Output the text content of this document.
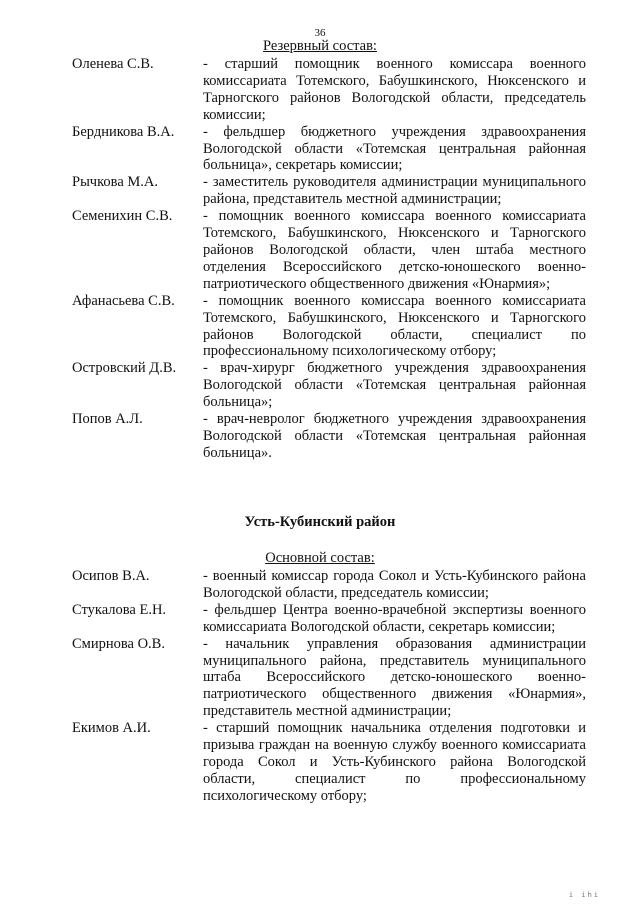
36
Резервный состав:
Оленева С.В.	- старший помощник военного комиссара военного комиссариата Тотемского, Бабушкинского, Нюксенского и Тарногского районов Вологодской области, председатель комиссии;
Бердникова В.А.	- фельдшер бюджетного учреждения здравоохранения Вологодской области «Тотемская центральная районная больница», секретарь комиссии;
Рычкова М.А.	- заместитель руководителя администрации муниципального района, представитель местной администрации;
Семенихин С.В.	- помощник военного комиссара военного комиссариата Тотемского, Бабушкинского, Нюксенского и Тарногского районов Вологодской области, член штаба местного отделения Всероссийского детско-юношеского военно-патриотического общественного движения «Юнармия»;
Афанасьева С.В.	- помощник военного комиссара военного комиссариата Тотемского, Бабушкинского, Нюксенского и Тарногского районов Вологодской области, специалист по профессиональному психологическому отбору;
Островский Д.В.	- врач-хирург бюджетного учреждения здравоохранения Вологодской области «Тотемская центральная районная больница»;
Попов А.Л.	- врач-невролог бюджетного учреждения здравоохранения Вологодской области «Тотемская центральная районная больница».
Усть-Кубинский район
Основной состав:
Осипов В.А.	- военный комиссар города Сокол и Усть-Кубинского района Вологодской области, председатель комиссии;
Стукалова Е.Н.	- фельдшер Центра военно-врачебной экспертизы военного комиссариата Вологодской области, секретарь комиссии;
Смирнова О.В.	- начальник управления образования администрации муниципального района, представитель муниципального штаба Всероссийского детско-юношеского военно-патриотического общественного движения «Юнармия», представитель местной администрации;
Екимов А.И.	- старший помощник начальника отделения подготовки и призыва граждан на военную службу военного комиссариата города Сокол и Усть-Кубинского района Вологодской области, специалист по профессиональному психологическому отбору;
i ihi
